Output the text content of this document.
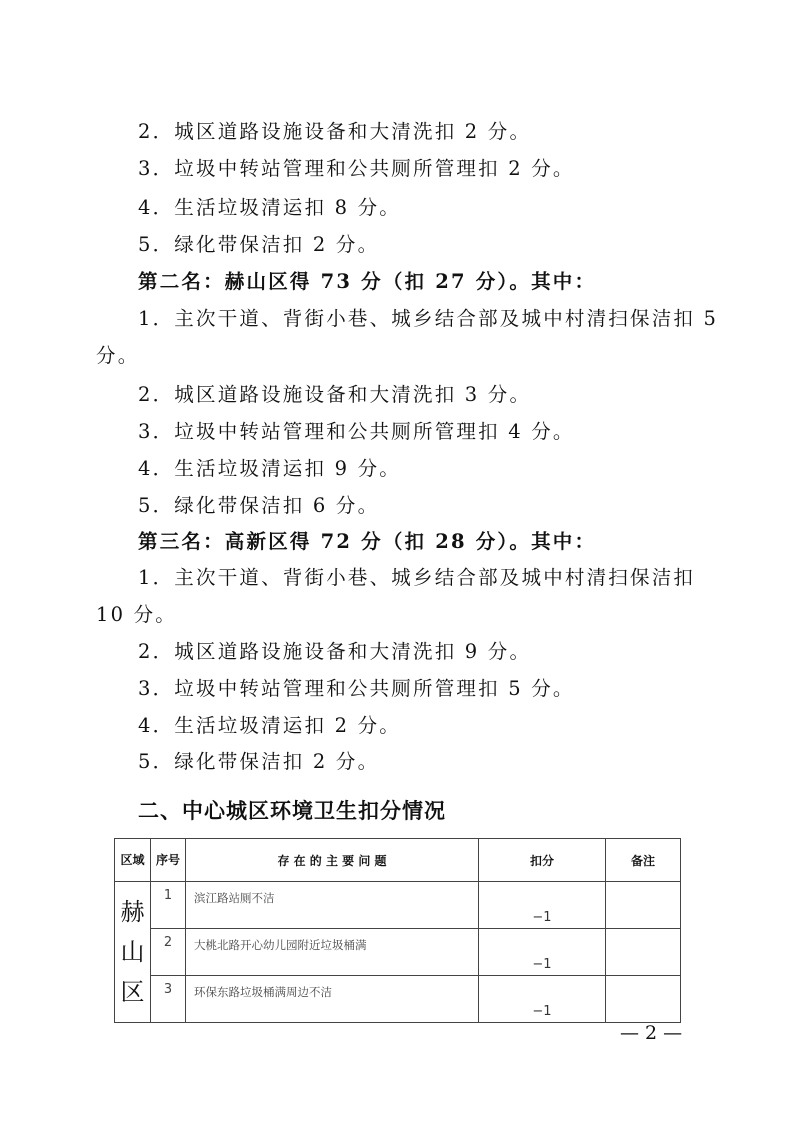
2．城区道路设施设备和大清洗扣 2 分。
3．垃圾中转站管理和公共厕所管理扣 2 分。
4．生活垃圾清运扣 8 分。
5．绿化带保洁扣 2 分。
第二名：赫山区得 73 分（扣 27 分）。其中：
1．主次干道、背街小巷、城乡结合部及城中村清扫保洁扣 5
分。
2．城区道路设施设备和大清洗扣 3 分。
3．垃圾中转站管理和公共厕所管理扣 4 分。
4．生活垃圾清运扣 9 分。
5．绿化带保洁扣 6 分。
第三名：高新区得 72 分（扣 28 分）。其中：
1．主次干道、背街小巷、城乡结合部及城中村清扫保洁扣
10 分。
2．城区道路设施设备和大清洗扣 9 分。
3．垃圾中转站管理和公共厕所管理扣 5 分。
4．生活垃圾清运扣 2 分。
5．绿化带保洁扣 2 分。
二、中心城区环境卫生扣分情况
区域	序号	存 在 的 主 要 问 题	扣分	备注

赫山区	1	滨江路站厕不洁	−1	
	2	大桃北路开心幼儿园附近垃圾桶满	−1	
	3	环保东路垃圾桶满周边不洁	−1	
— 2 —
